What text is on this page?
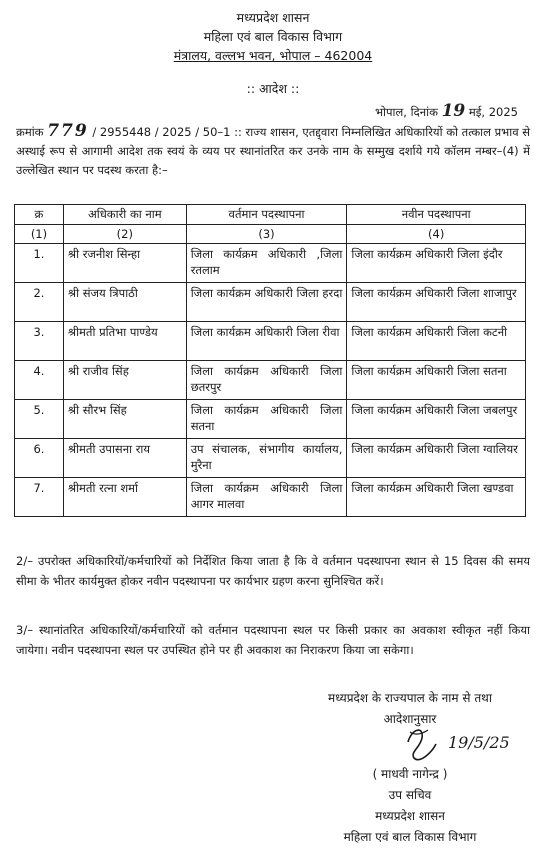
मध्यप्रदेश शासन
महिला एवं बाल विकास विभाग
मंत्रालय, वल्लभ भवन, भोपाल – 462004
:: आदेश ::
भोपाल, दिनांक 19 मई, 2025
क्रमांक 779 / 2955448 / 2025 / 50–1 :: राज्य शासन, एतद्द्वारा निम्नलिखित अधिकारियों को तत्काल प्रभाव से अस्थाई रूप से आगामी आदेश तक स्वयं के व्यय पर स्थानांतरित कर उनके नाम के सम्मुख दर्शाये गये कॉलम नम्बर–(4) में उल्लेखित स्थान पर पदस्थ करता है:–
क्र	अधिकारी का नाम	वर्तमान पदस्थापना	नवीन पदस्थापना
(1)	(2)	(3)	(4)
1.	श्री रजनीश सिन्हा	जिला कार्यक्रम अधिकारी ,जिला रतलाम	जिला कार्यक्रम अधिकारी जिला इंदौर
2.	श्री संजय त्रिपाठी	जिला कार्यक्रम अधिकारी जिला हरदा	जिला कार्यक्रम अधिकारी जिला शाजापुर
3.	श्रीमती प्रतिभा पाण्डेय	जिला कार्यक्रम अधिकारी जिला रीवा	जिला कार्यक्रम अधिकारी जिला कटनी
4.	श्री राजीव सिंह	जिला कार्यक्रम अधिकारी जिला छतरपुर	जिला कार्यक्रम अधिकारी जिला सतना
5.	श्री सौरभ सिंह	जिला कार्यक्रम अधिकारी जिला सतना	जिला कार्यक्रम अधिकारी जिला जबलपुर
6.	श्रीमती उपासना राय	उप संचालक, संभागीय कार्यालय, मुरैना	जिला कार्यक्रम अधिकारी जिला ग्वालियर
7.	श्रीमती रत्ना शर्मा	जिला कार्यक्रम अधिकारी जिला आगर मालवा	जिला कार्यक्रम अधिकारी जिला खण्डवा
2/– उपरोक्त अधिकारियों/कर्मचारियों को निर्देशित किया जाता है कि वे वर्तमान पदस्थापना स्थान से 15 दिवस की समय सीमा के भीतर कार्यमुक्त होकर नवीन पदस्थापना पर कार्यभार ग्रहण करना सुनिश्चित करें।
3/– स्थानांतरित अधिकारियों/कर्मचारियों को वर्तमान पदस्थापना स्थल पर किसी प्रकार का अवकाश स्वीकृत नहीं किया जायेगा। नवीन पदस्थापना स्थल पर उपस्थित होने पर ही अवकाश का निराकरण किया जा सकेगा।
19/5/25
मध्यप्रदेश के राज्यपाल के नाम से तथा
आदेशानुसार
( माधवी नागेन्द्र )
उप सचिव
मध्यप्रदेश शासन
महिला एवं बाल विकास विभाग
